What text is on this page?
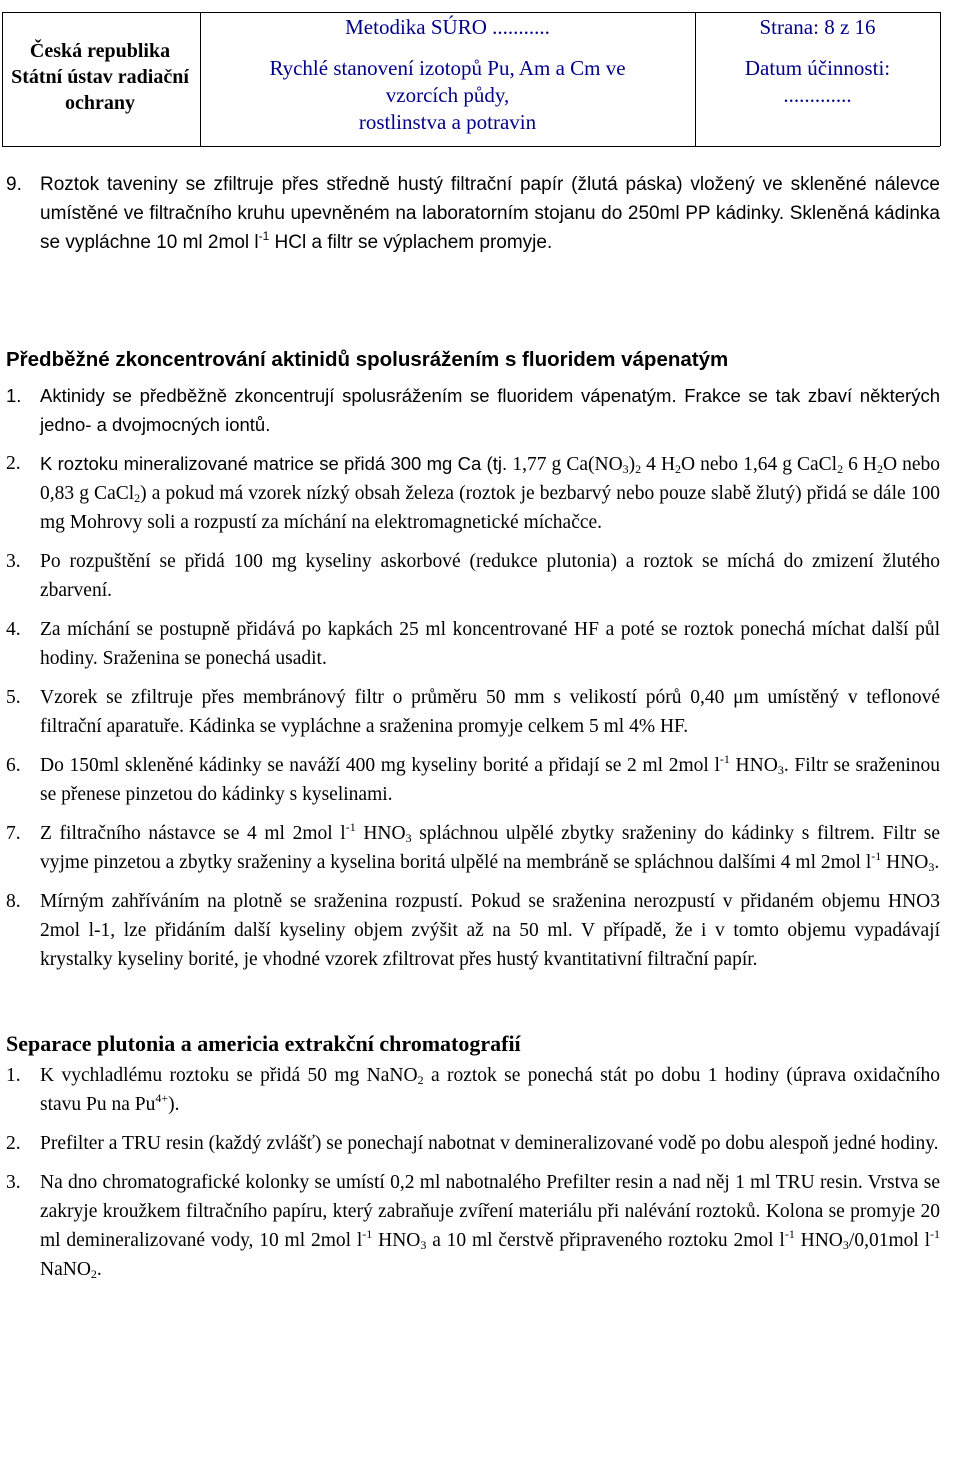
Česká republika
Státní ústav radiační
ochrany
Metodika SÚRO ...........
Rychlé stanovení izotopů Pu, Am a Cm ve
vzorcích půdy,
rostlinstva a potravin
Strana: 8 z 16
Datum účinnosti:
.............
9. Roztok taveniny se zfiltruje přes středně hustý filtrační papír (žlutá páska) vložený ve skleněné nálevce umístěné ve filtračního kruhu upevněném na laboratorním stojanu do 250ml PP kádinky. Skleněná kádinka se vypláchne 10 ml 2mol $l^{-1}$ HCl a filtr se výplachem promyje.
Předběžné zkoncentrování aktinidů spolusrážením s fluoridem vápenatým
1. Aktinidy se předběžně zkoncentrují spolusrážením se fluoridem vápenatým. Frakce se tak zbaví některých jedno- a dvojmocných iontů.
2. K roztoku mineralizované matrice se přidá 300 mg Ca (tj. 1,77 g $Ca(NO_3)_2$ 4 $H_2O$ nebo 1,64 g CaCl$_2$ 6 $H_2O$ nebo 0,83 g CaCl$_2$) a pokud má vzorek nízký obsah železa (roztok je bezbarvý nebo pouze slabě žlutý) přidá se dále 100 mg Mohrovy soli a rozpustí za míchání na elektromagnetické míchačce.
3. Po rozpuštění se přidá 100 mg kyseliny askorbové (redukce plutonia) a roztok se míchá do zmizení žlutého zbarvení.
4. Za míchání se postupně přidává po kapkách 25 ml koncentrované HF a poté se roztok ponechá míchat další půl hodiny. Sraženina se ponechá usadit.
5. Vzorek se zfiltruje přes membránový filtr o průměru 50 mm s velikostí pórů 0,40 μm umístěný v teflonové filtrační aparatuře. Kádinka se vypláchne a sraženina promyje celkem 5 ml 4% HF.
6. Do 150ml skleněné kádinky se naváží 400 mg kyseliny borité a přidají se 2 ml 2mol $l^{-1}$ $HNO_3$. Filtr se sraženinou se přenese pinzetou do kádinky s kyselinami.
7. Z filtračního nástavce se 4 ml 2mol $l^{-1}$ $HNO_3$ spláchnou ulpělé zbytky sraženiny do kádinky s filtrem. Filtr se vyjme pinzetou a zbytky sraženiny a kyselina boritá ulpělé na membráně se spláchnou dalšími 4 ml 2mol $l^{-1}$ $HNO_3$.
8. Mírným zahříváním na plotně se sraženina rozpustí. Pokud se sraženina nerozpustí v přidaném objemu HNO3 2mol l-1, lze přidáním další kyseliny objem zvýšit až na 50 ml. V případě, že i v tomto objemu vypadávají krystalky kyseliny borité, je vhodné vzorek zfiltrovat přes hustý kvantitativní filtrační papír.
Separace plutonia a americia extrakční chromatografií
1. K vychladlému roztoku se přidá 50 mg NaNO$_2$ a roztok se ponechá stát po dobu 1 hodiny (úprava oxidačního stavu Pu na $Pu^{4+}$).
2. Prefilter a TRU resin (každý zvlášť) se ponechají nabotnat v demineralizované vodě po dobu alespoň jedné hodiny.
3. Na dno chromatografické kolonky se umístí 0,2 ml nabotnalého Prefilter resin a nad něj 1 ml TRU resin. Vrstva se zakryje kroužkem filtračního papíru, který zabraňuje zvíření materiálu při nalévání roztoků. Kolona se promyje 20 ml demineralizované vody, 10 ml 2mol $l^{-1}$ $HNO_3$ a 10 ml čerstvě připraveného roztoku 2mol $l^{-1}$ $HNO_3/0,01mol$ $l^{-1}$ NaNO$_2$.
